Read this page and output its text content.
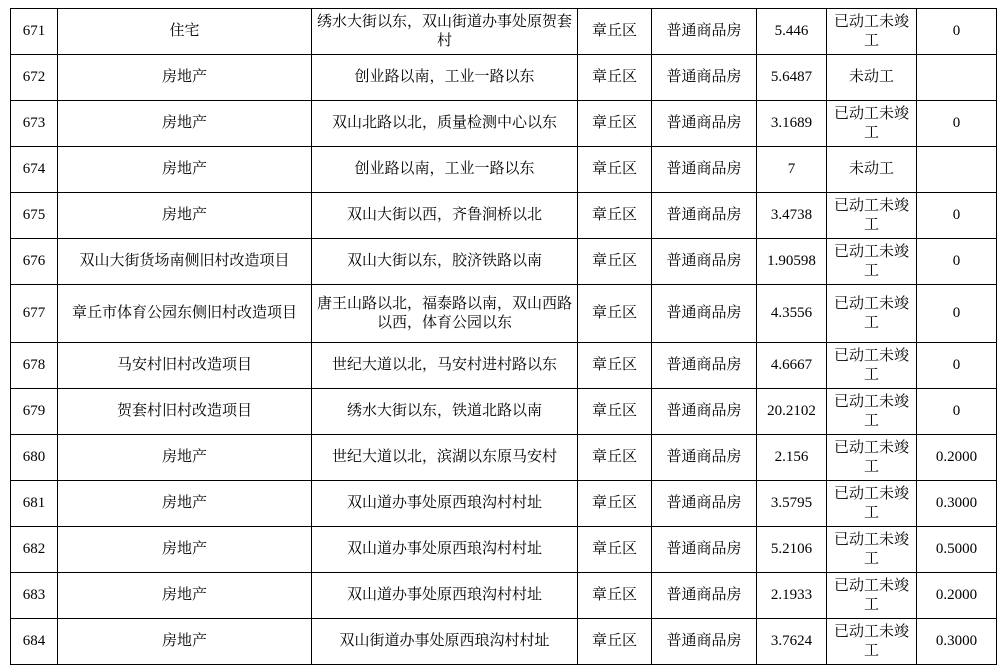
671	住宅	绣水大街以东，双山街道办事处原贺套村	章丘区	普通商品房	5.446	已动工未竣工	0
672	房地产	创业路以南，工业一路以东	章丘区	普通商品房	5.6487	未动工	
673	房地产	双山北路以北，质量检测中心以东	章丘区	普通商品房	3.1689	已动工未竣工	0
674	房地产	创业路以南，工业一路以东	章丘区	普通商品房	7	未动工	
675	房地产	双山大街以西，齐鲁涧桥以北	章丘区	普通商品房	3.4738	已动工未竣工	0
676	双山大街货场南侧旧村改造项目	双山大街以东，胶济铁路以南	章丘区	普通商品房	1.90598	已动工未竣工	0
677	章丘市体育公园东侧旧村改造项目	唐王山路以北，福泰路以南，双山西路以西，体育公园以东	章丘区	普通商品房	4.3556	已动工未竣工	0
678	马安村旧村改造项目	世纪大道以北，马安村进村路以东	章丘区	普通商品房	4.6667	已动工未竣工	0
679	贺套村旧村改造项目	绣水大街以东，铁道北路以南	章丘区	普通商品房	20.2102	已动工未竣工	0
680	房地产	世纪大道以北，滨湖以东原马安村	章丘区	普通商品房	2.156	已动工未竣工	0.2000
681	房地产	双山道办事处原西琅沟村村址	章丘区	普通商品房	3.5795	已动工未竣工	0.3000
682	房地产	双山道办事处原西琅沟村村址	章丘区	普通商品房	5.2106	已动工未竣工	0.5000
683	房地产	双山道办事处原西琅沟村村址	章丘区	普通商品房	2.1933	已动工未竣工	0.2000
684	房地产	双山街道办事处原西琅沟村村址	章丘区	普通商品房	3.7624	已动工未竣工	0.3000
